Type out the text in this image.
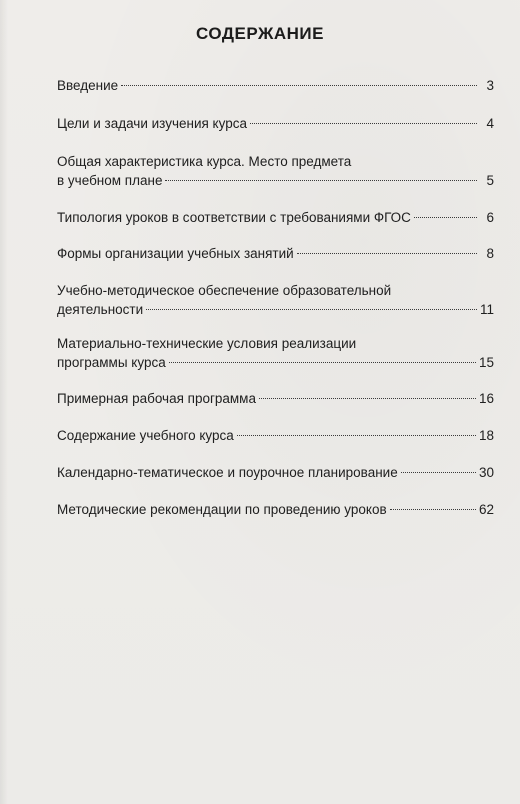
СОДЕРЖАНИЕ
Введение	3
Цели и задачи изучения курса	4
Общая характеристика курса. Место предмета
в учебном плане	5
Типология уроков в соответствии с требованиями ФГОС	6
Формы организации учебных занятий	8
Учебно-методическое обеспечение образовательной
деятельности	11
Материально-технические условия реализации
программы курса	15
Примерная рабочая программа	16
Содержание учебного курса	18
Календарно-тематическое и поурочное планирование	30
Методические рекомендации по проведению уроков	62
